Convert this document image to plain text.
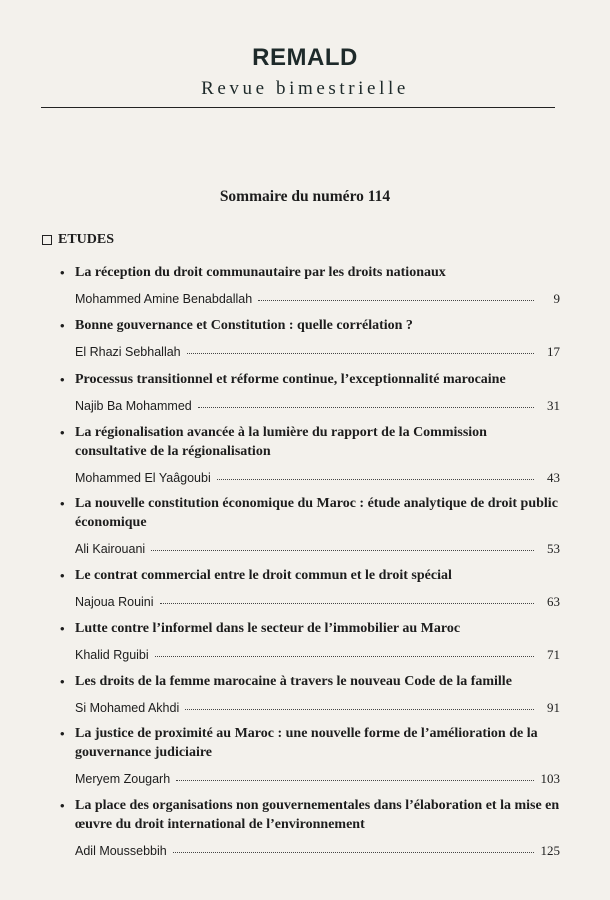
REMALD
Revue bimestrielle
Sommaire du numéro 114
ETUDES
• La réception du droit communautaire par les droits nationaux
Mohammed Amine Benabdallah	9
• Bonne gouvernance et Constitution : quelle corrélation ?
El Rhazi Sebhallah	17
• Processus transitionnel et réforme continue, l’exceptionnalité marocaine
Najib Ba Mohammed	31
• La régionalisation avancée à la lumière du rapport de la Commission consultative de la régionalisation
Mohammed El Yaâgoubi	43
• La nouvelle constitution économique du Maroc : étude analytique de droit public économique
Ali Kairouani	53
• Le contrat commercial entre le droit commun et le droit spécial
Najoua Rouini	63
• Lutte contre l’informel dans le secteur de l’immobilier au Maroc
Khalid Rguibi	71
• Les droits de la femme marocaine à travers le nouveau Code de la famille
Si Mohamed Akhdi	91
• La justice de proximité au Maroc : une nouvelle forme de l’amélioration de la gouvernance judiciaire
Meryem Zougarh	103
• La place des organisations non gouvernementales dans l’élaboration et la mise en œuvre du droit international de l’environnement
Adil Moussebbih	125
